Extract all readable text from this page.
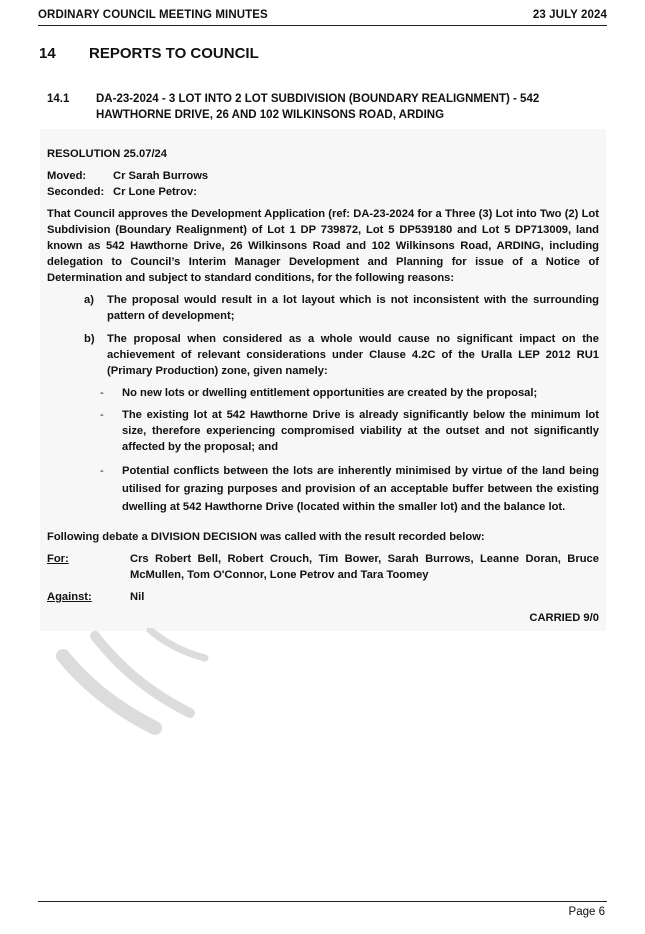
ORDINARY COUNCIL MEETING MINUTES	23 JULY 2024
14	REPORTS TO COUNCIL
14.1	DA-23-2024 - 3 LOT INTO 2 LOT SUBDIVISION (BOUNDARY REALIGNMENT) - 542 HAWTHORNE DRIVE, 26 AND 102 WILKINSONS ROAD, ARDING
RESOLUTION 25.07/24
Moved:	Cr Sarah Burrows
Seconded: Cr Lone Petrov:
That Council approves the Development Application (ref: DA-23-2024 for a Three (3) Lot into Two (2) Lot Subdivision (Boundary Realignment) of Lot 1 DP 739872, Lot 5 DP539180 and Lot 5 DP713009, land known as 542 Hawthorne Drive, 26 Wilkinsons Road and 102 Wilkinsons Road, ARDING, including delegation to Council’s Interim Manager Development and Planning for issue of a Notice of Determination and subject to standard conditions, for the following reasons:
a)	The proposal would result in a lot layout which is not inconsistent with the surrounding pattern of development;
b)	The proposal when considered as a whole would cause no significant impact on the achievement of relevant considerations under Clause 4.2C of the Uralla LEP 2012 RU1 (Primary Production) zone, given namely:
-	No new lots or dwelling entitlement opportunities are created by the proposal;
-	The existing lot at 542 Hawthorne Drive is already significantly below the minimum lot size, therefore experiencing compromised viability at the outset and not significantly affected by the proposal; and
-	Potential conflicts between the lots are inherently minimised by virtue of the land being utilised for grazing purposes and provision of an acceptable buffer between the existing dwelling at 542 Hawthorne Drive (located within the smaller lot) and the balance lot.
Following debate a DIVISION DECISION was called with the result recorded below:
For:	Crs Robert Bell, Robert Crouch, Tim Bower, Sarah Burrows, Leanne Doran, Bruce McMullen, Tom O'Connor, Lone Petrov and Tara Toomey
Against:	Nil
CARRIED 9/0
Page 6
